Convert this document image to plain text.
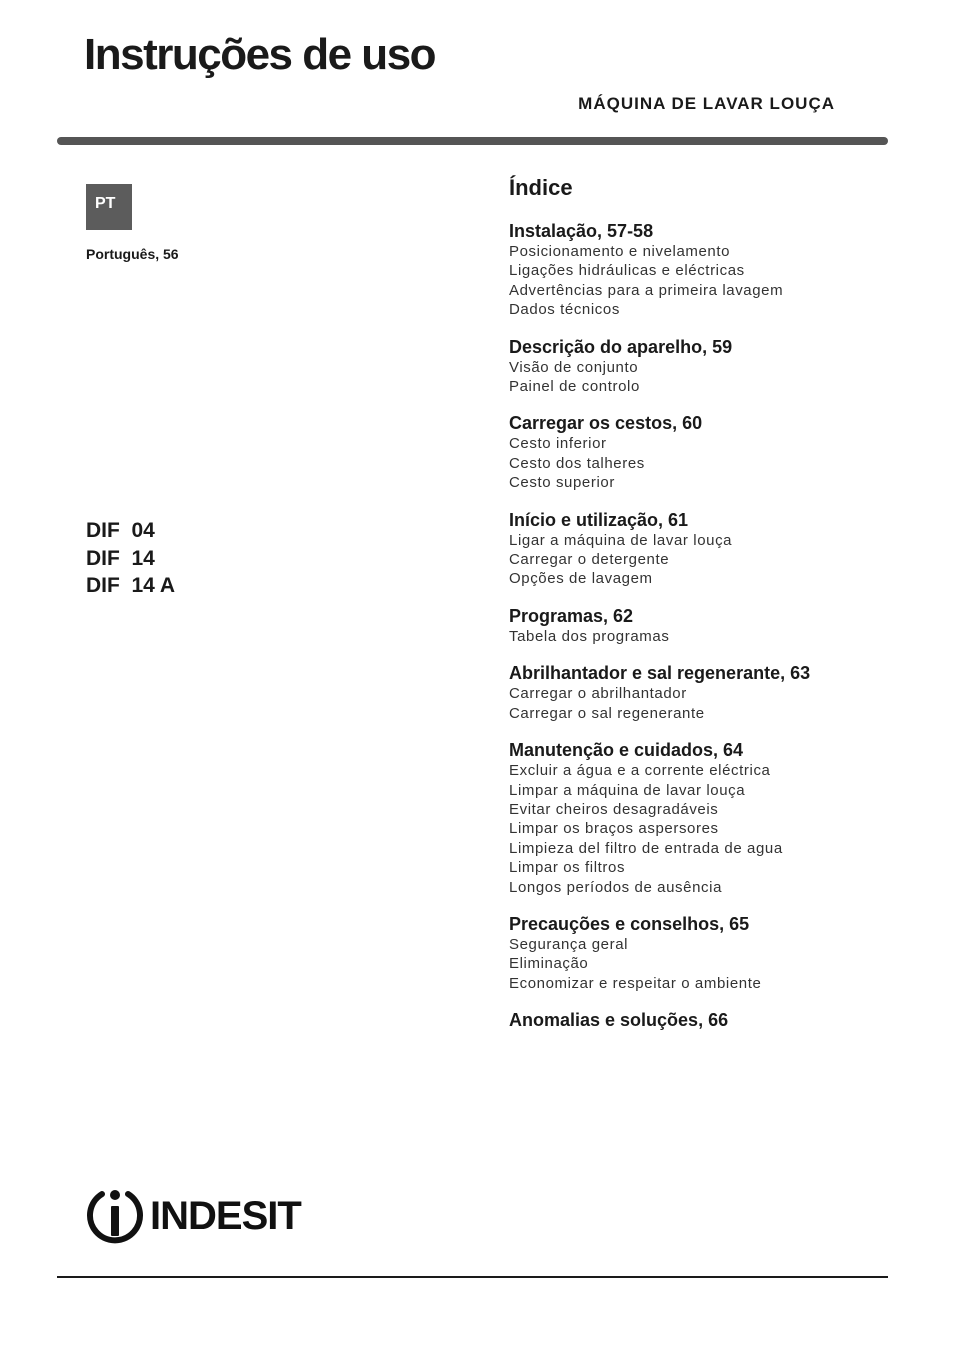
Instruções de uso
MÁQUINA DE LAVAR LOUÇA
PT
Português, 56
DIF  04
DIF  14
DIF  14 A
Índice
Instalação, 57-58
Posicionamento e nivelamento
Ligações hidráulicas e eléctricas
Advertências para a primeira lavagem
Dados técnicos
Descrição do aparelho, 59
Visão de conjunto
Painel de controlo
Carregar os cestos, 60
Cesto inferior
Cesto dos talheres
Cesto superior
Início e utilização, 61
Ligar a máquina de lavar louça
Carregar o detergente
Opções de lavagem
Programas, 62
Tabela dos programas
Abrilhantador e sal regenerante, 63
Carregar o abrilhantador
Carregar o sal regenerante
Manutenção e cuidados, 64
Excluir a água e a corrente eléctrica
Limpar a máquina de lavar louça
Evitar cheiros desagradáveis
Limpar os braços aspersores
Limpieza del filtro de entrada de agua
Limpar os filtros
Longos períodos de ausência
Precauções e conselhos, 65
Segurança geral
Eliminação
Economizar e respeitar o ambiente
Anomalias e soluções, 66
INDESIT
